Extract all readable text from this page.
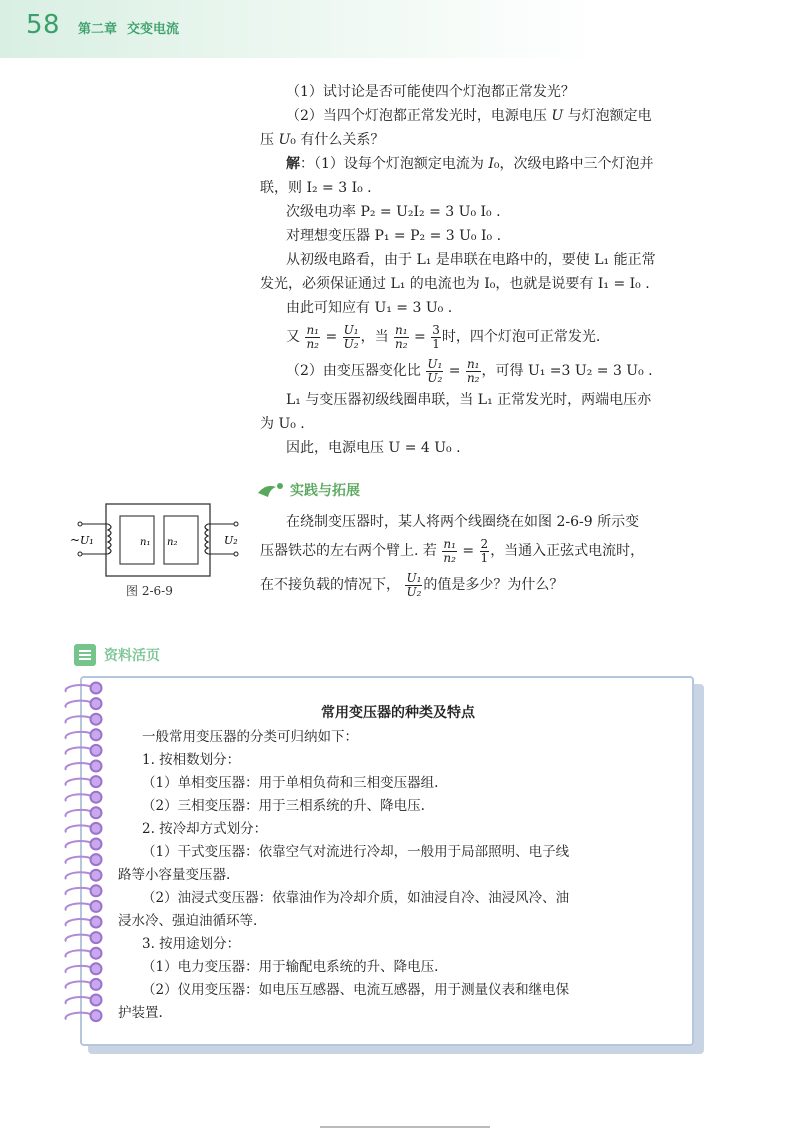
58 第二章 交变电流
（1）试讨论是否可能使四个灯泡都正常发光？
（2）当四个灯泡都正常发光时，电源电压 U 与灯泡额定电
压 U₀ 有什么关系？
解：（1）设每个灯泡额定电流为 I₀，次级电路中三个灯泡并
联，则 I₂ = 3 I₀ .
次级电功率 P₂ = U₂I₂ = 3 U₀ I₀ .
对理想变压器 P₁ = P₂ = 3 U₀ I₀ .
从初级电路看，由于 L₁ 是串联在电路中的，要使 L₁ 能正常
发光，必须保证通过 L₁ 的电流也为 I₀，也就是说要有 I₁ = I₀ .
由此可知应有 U₁ = 3 U₀ .
又 $\frac{\text{n₁}}{\text{n₂}} = \frac{\text{U₁}}{\text{U₂}}$ ，当 $\frac{\text{n₁}}{\text{n₂}} = \frac{3}{1}$ 时，四个灯泡可正常发光.
（2）由变压器变化比 $\frac{\text{U₁}}{\text{U₂}} = \frac{\text{n₁}}{\text{n₂}}$ ，可得 U₁ =3 U₂ = 3 U₀ .
L₁ 与变压器初级线圈串联，当 L₁ 正常发光时，两端电压亦
为 U₀ .
因此，电源电压 U = 4 U₀ .
实践与拓展
~ U₁	n₁ n₂	U₂
图 2-6-9
在绕制变压器时，某人将两个线圈绕在如图 2-6-9 所示变
压器铁芯的左右两个臂上. 若 $\frac{\text{n₁}}{\text{n₂}} = \frac{2}{1}$ ，当通入正弦式电流时，
在不接负载的情况下， $\frac{\text{U₁}}{\text{U₂}}$ 的值是多少？为什么？
资料活页
常用变压器的种类及特点
一般常用变压器的分类可归纳如下：
1. 按相数划分：
（1）单相变压器：用于单相负荷和三相变压器组.
（2）三相变压器：用于三相系统的升、降电压.
2. 按冷却方式划分：
（1）干式变压器：依靠空气对流进行冷却，一般用于局部照明、电子线
路等小容量变压器.
（2）油浸式变压器：依靠油作为冷却介质，如油浸自冷、油浸风冷、油
浸水冷、强迫油循环等.
3. 按用途划分：
（1）电力变压器：用于输配电系统的升、降电压.
（2）仪用变压器：如电压互感器、电流互感器，用于测量仪表和继电保
护装置.
